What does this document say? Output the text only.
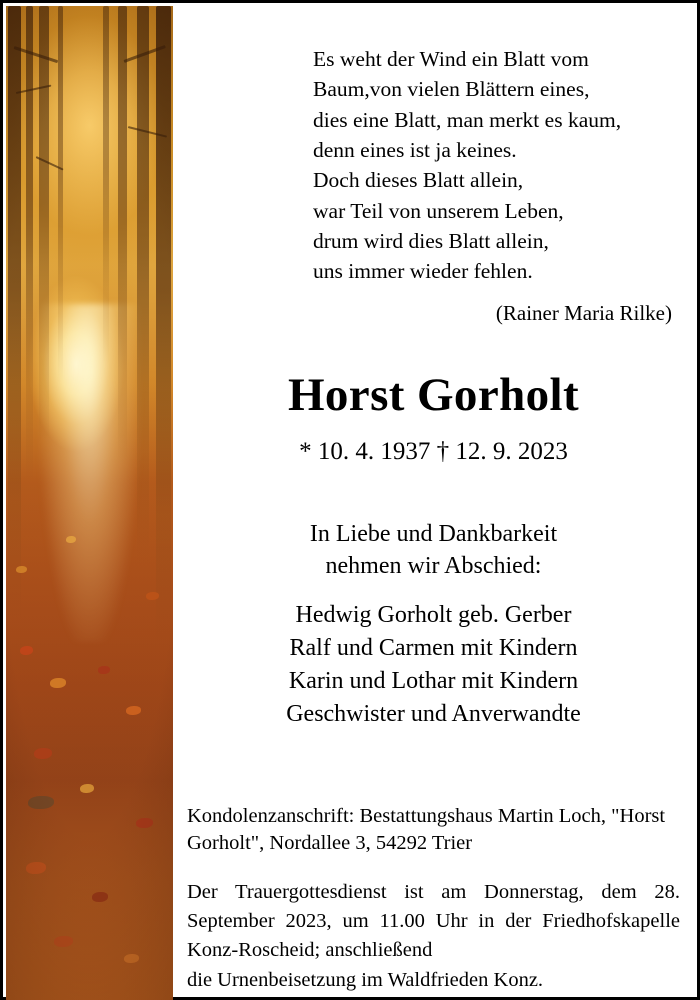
Es weht der Wind ein Blatt vom
Baum,von vielen Blättern eines,
dies eine Blatt, man merkt es kaum,
denn eines ist ja keines.
Doch dieses Blatt allein,
war Teil von unserem Leben,
drum wird dies Blatt allein,
uns immer wieder fehlen.
(Rainer Maria Rilke)
Horst Gorholt
* 10. 4. 1937 † 12. 9. 2023
In Liebe und Dankbarkeit
nehmen wir Abschied:
Hedwig Gorholt geb. Gerber
Ralf und Carmen mit Kindern
Karin und Lothar mit Kindern
Geschwister und Anverwandte
Kondolenzanschrift: Bestattungshaus Martin Loch, "Horst Gorholt", Nordallee 3, 54292 Trier
Der Trauergottesdienst ist am Donnerstag, dem 28. September 2023, um 11.00 Uhr in der Friedhofskapelle Konz-Roscheid; anschließend
die Urnenbeisetzung im Waldfrieden Konz.
